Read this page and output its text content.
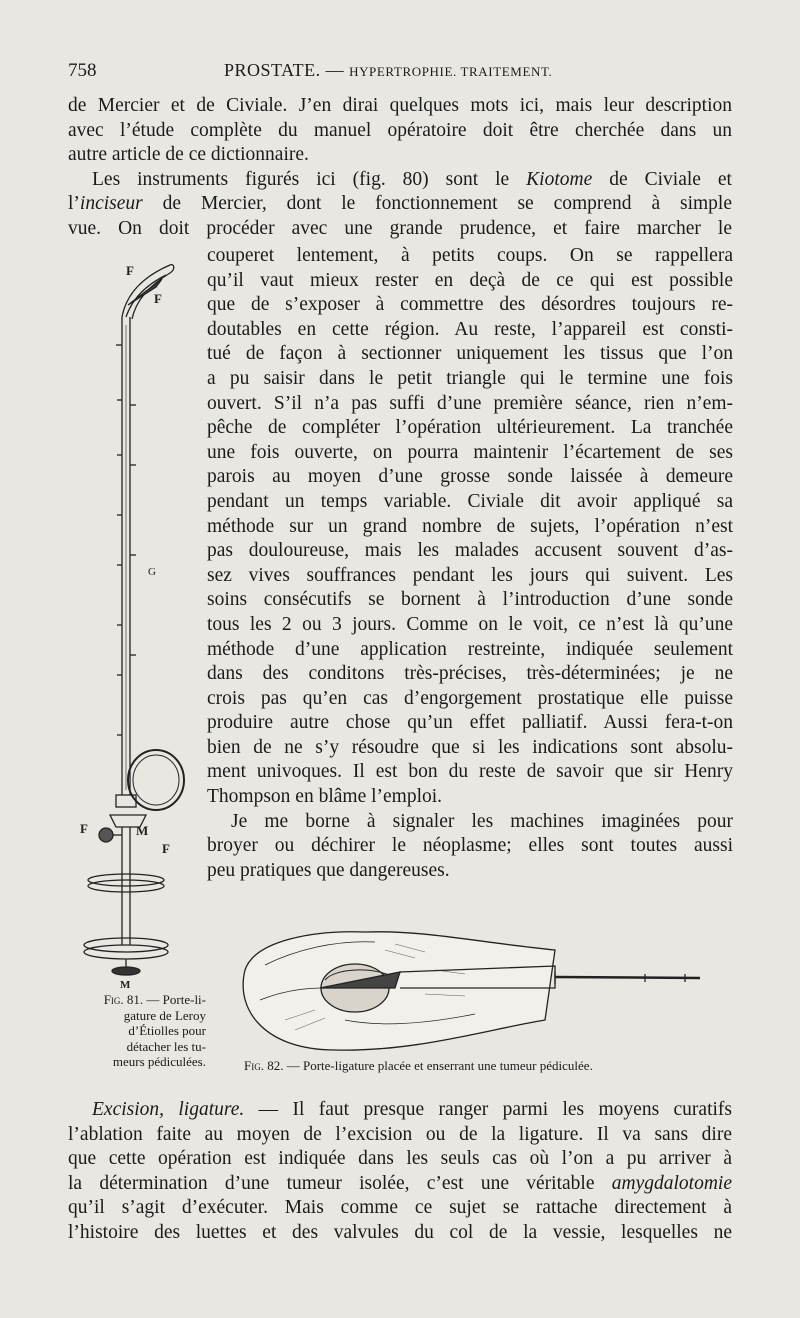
758	PROSTATE. — HYPERTROPHIE. TRAITEMENT.
de Mercier et de Civiale. J’en dirai quelques mots ici, mais leur description
avec l’étude complète du manuel opératoire doit être cherchée dans un
autre article de ce dictionnaire.
Les instruments figurés ici (fig. 80) sont le Kiotome de Civiale et
l’inciseur de Mercier, dont le fonctionnement se comprend à simple
vue. On doit procéder avec une grande prudence, et faire marcher le
couperet lentement, à petits coups. On se rappellera
qu’il vaut mieux rester en deçà de ce qui est possible
que de s’exposer à commettre des désordres toujours re-
doutables en cette région. Au reste, l’appareil est consti-
tué de façon à sectionner uniquement les tissus que l’on
a pu saisir dans le petit triangle qui le termine une fois
ouvert. S’il n’a pas suffi d’une première séance, rien n’em-
pêche de compléter l’opération ultérieurement. La tranchée
une fois ouverte, on pourra maintenir l’écartement de ses
parois au moyen d’une grosse sonde laissée à demeure
pendant un temps variable. Civiale dit avoir appliqué sa
méthode sur un grand nombre de sujets, l’opération n’est
pas douloureuse, mais les malades accusent souvent d’as-
sez vives souffrances pendant les jours qui suivent. Les
soins consécutifs se bornent à l’introduction d’une sonde
tous les 2 ou 3 jours. Comme on le voit, ce n’est là qu’une
méthode d’une application restreinte, indiquée seulement
dans des conditons très-précises, très-déterminées; je ne
crois pas qu’en cas d’engorgement prostatique elle puisse
produire autre chose qu’un effet palliatif. Aussi fera-t-on
bien de ne s’y résoudre que si les indications sont absolu-
ment univoques. Il est bon du reste de savoir que sir Henry
Thompson en blâme l’emploi.
Je me borne à signaler les machines imaginées pour
broyer ou déchirer le néoplasme; elles sont toutes aussi
peu pratiques que dangereuses.
F
F
F	M
F
G
M
Fig. 81. — Porte-li-
gature de Leroy
d’Étiolles pour
détacher les tu-
meurs pédiculées.	Fig. 82. — Porte-ligature placée et enserrant une tumeur pédiculée.
Excision, ligature. — Il faut presque ranger parmi les moyens curatifs
l’ablation faite au moyen de l’excision ou de la ligature. Il va sans dire
que cette opération est indiquée dans les seuls cas où l’on a pu arriver à
la détermination d’une tumeur isolée, c’est une véritable amygdalotomie
qu’il s’agit d’exécuter. Mais comme ce sujet se rattache directement à
l’histoire des luettes et des valvules du col de la vessie, lesquelles ne
